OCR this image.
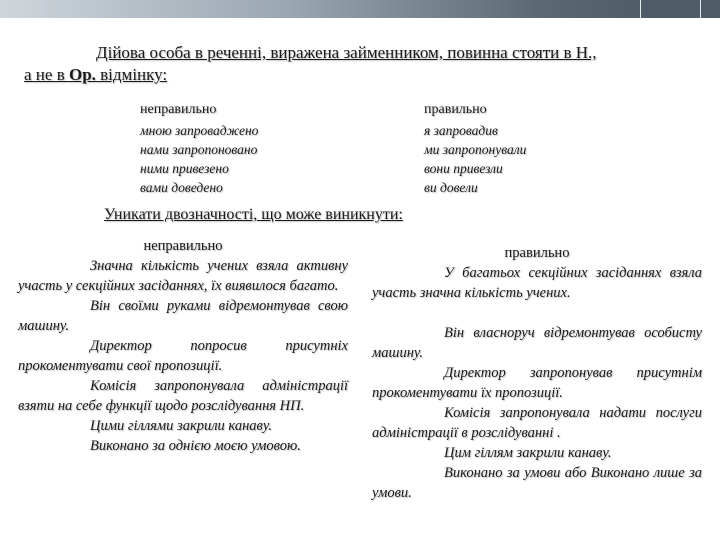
Дійова особа в реченні, виражена займенником, повинна стояти в Н.,
а не в Ор. відмінку:
неправильно	правильно
мною запроваджено
нами запропоновано
ними привезено
вами доведено
я запровадив
ми запропонували
вони привезли
ви довели
Уникати двозначності, що може виникнути:
неправильно

Значна кількість учених взяла активну участь у секційних засіданнях, їх виявилося багато.

Він своїми руками відремонтував свою машину.

Директор попросив присутніх прокоментувати свої пропозиції.

Комісія запропонувала адміністрації взяти на себе функції щодо розслідування НП.

Цими гіллями закрили канаву.

Виконано за однією моєю умовою.

правильно

У багатьох секційних засіданнях взяла участь значна кількість учених.

Він власноруч відремонтував особисту машину.

Директор запропонував присутнім прокоментувати їх пропозиції.

Комісія запропонувала надати послуги адміністрації в розслідуванні .

Цим гіллям закрили канаву.

Виконано за умови або Виконано лише за умови.
